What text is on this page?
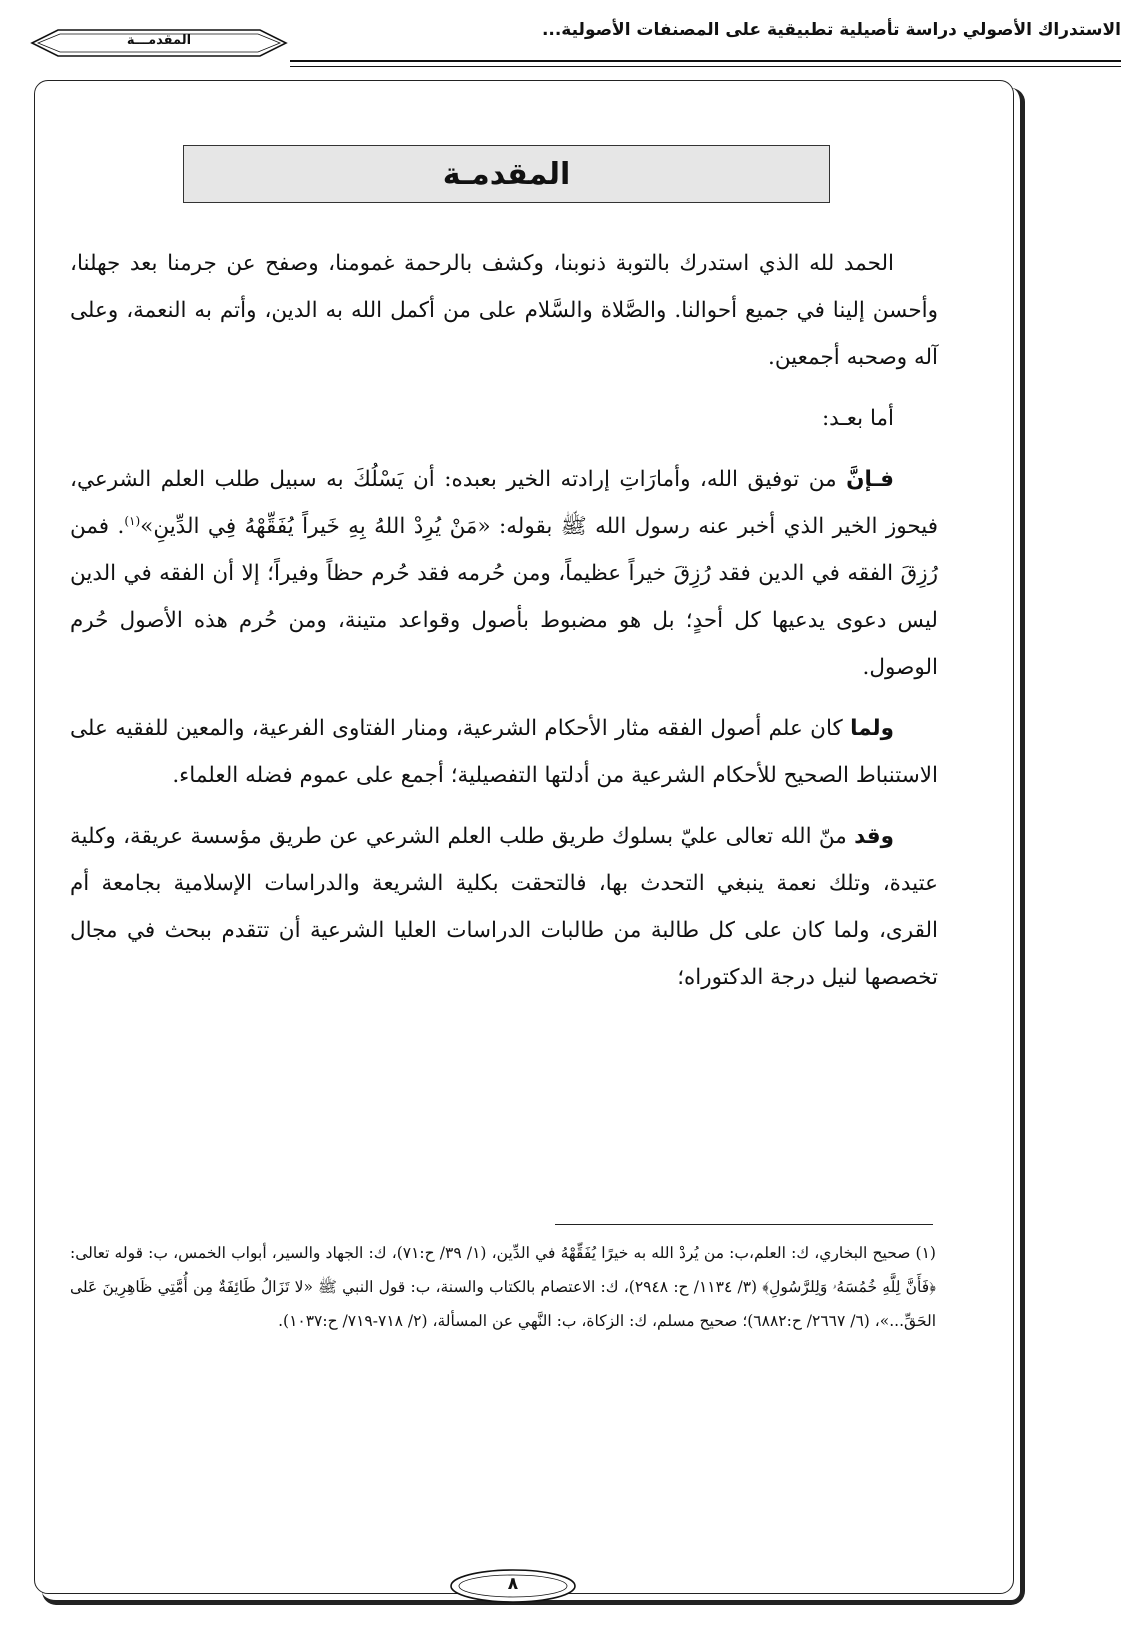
الاستدراك الأصولي دراسة تأصيلية تطبيقية على المصنفات الأصولية...
المقدمـــة
المقدمـة

الحمد لله الذي استدرك بالتوبة ذنوبنا، وكشف بالرحمة غمومنا، وصفح عن جرمنا بعد جهلنا، وأحسن إلينا في جميع أحوالنا. والصَّلاة والسَّلام على من أكمل الله به الدين، وأتم به النعمة، وعلى آله وصحبه أجمعين.

أما بعـد:

فـإنَّ من توفيق الله، وأمارَاتِ إرادته الخير بعبده: أن يَسْلُكَ به سبيل طلب العلم الشرعي، فيحوز الخير الذي أخبر عنه رسول الله ﷺ بقوله: «مَنْ يُرِدْ اللهُ بِهِ خَيراً يُفَقِّهْهُ فِي الدِّينِ»$^{(١)}$. فمن رُزِقَ الفقه في الدين فقد رُزِقَ خيراً عظيماً، ومن حُرمه فقد حُرم حظاً وفيراً؛ إلا أن الفقه في الدين ليس دعوى يدعيها كل أحدٍ؛ بل هو مضبوط بأصول وقواعد متينة، ومن حُرم هذه الأصول حُرم الوصول.

ولما كان علم أصول الفقه مثار الأحكام الشرعية، ومنار الفتاوى الفرعية، والمعين للفقيه على الاستنباط الصحيح للأحكام الشرعية من أدلتها التفصيلية؛ أجمع على عموم فضله العلماء.

وقد منّ الله تعالى عليّ بسلوك طريق طلب العلم الشرعي عن طريق مؤسسة عريقة، وكلية عتيدة، وتلك نعمة ينبغي التحدث بها، فالتحقت بكلية الشريعة والدراسات الإسلامية بجامعة أم القرى، ولما كان على كل طالبة من طالبات الدراسات العليا الشرعية أن تتقدم ببحث في مجال تخصصها لنيل درجة الدكتوراه؛

(١) صحيح البخاري، ك: العلم،ب: من يُردْ الله به خيرًا يُفَقِّهْهُ في الدِّين، (١/ ٣٩/ ح:٧١)، ك: الجهاد والسير، أبواب الخمس، ب: قوله تعالى: ﴿فَأَنَّ لِلَّهِ خُمُسَهُۥ وَلِلرَّسُولِ﴾ (٣/ ١١٣٤/ ح: ٢٩٤٨)، ك: الاعتصام بالكتاب والسنة، ب: قول النبي ﷺ «لا تَزَالُ طَائِفَةٌ مِن أُمَّتِي ظَاهِرِينَ عَلى الحَقِّ...»، (٦/ ٢٦٦٧/ ح:٦٨٨٢)؛ صحيح مسلم، ك: الزكاة، ب: النَّهي عن المسألة، (٢/ ٧١٨-٧١٩/ ح:١٠٣٧).
٨
